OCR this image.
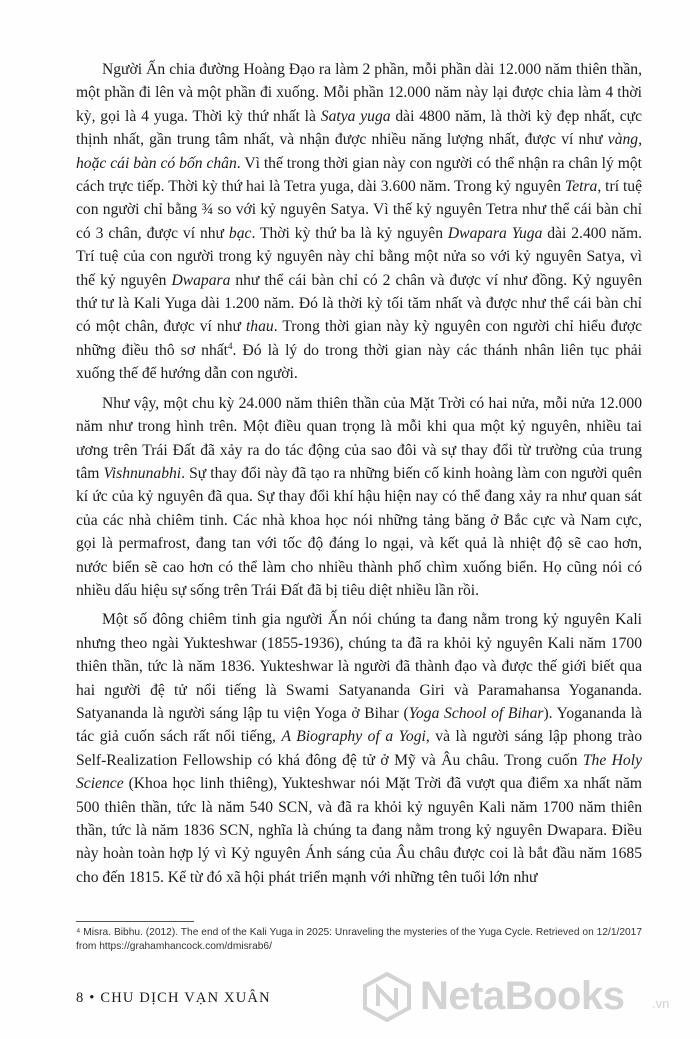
Người Ấn chia đường Hoàng Đạo ra làm 2 phần, mỗi phần dài 12.000 năm thiên thần, một phần đi lên và một phần đi xuống. Mỗi phần 12.000 năm này lại được chia làm 4 thời kỳ, gọi là 4 yuga. Thời kỳ thứ nhất là Satya yuga dài 4800 năm, là thời kỳ đẹp nhất, cực thịnh nhất, gần trung tâm nhất, và nhận được nhiều năng lượng nhất, được ví như vàng, hoặc cái bàn có bốn chân. Vì thế trong thời gian này con người có thể nhận ra chân lý một cách trực tiếp. Thời kỳ thứ hai là Tetra yuga, dài 3.600 năm. Trong kỷ nguyên Tetra, trí tuệ con người chỉ bằng ¾ so với kỷ nguyên Satya. Vì thế kỷ nguyên Tetra như thể cái bàn chỉ có 3 chân, được ví như bạc. Thời kỳ thứ ba là kỷ nguyên Dwapara Yuga dài 2.400 năm. Trí tuệ của con người trong kỷ nguyên này chỉ bằng một nửa so với kỷ nguyên Satya, vì thế kỷ nguyên Dwapara như thể cái bàn chỉ có 2 chân và được ví như đồng. Kỷ nguyên thứ tư là Kali Yuga dài 1.200 năm. Đó là thời kỳ tối tăm nhất và được như thể cái bàn chỉ có một chân, được ví như thau. Trong thời gian này kỳ nguyên con người chỉ hiểu được những điều thô sơ nhất$^4$. Đó là lý do trong thời gian này các thánh nhân liên tục phải xuống thế để hướng dẫn con người.

Như vậy, một chu kỳ 24.000 năm thiên thần của Mặt Trời có hai nửa, mỗi nửa 12.000 năm như trong hình trên. Một điều quan trọng là mỗi khi qua một kỷ nguyên, nhiều tai ương trên Trái Đất đã xảy ra do tác động của sao đôi và sự thay đổi từ trường của trung tâm Vishnunabhi. Sự thay đổi này đã tạo ra những biến cố kinh hoàng làm con người quên kí ức của kỷ nguyên đã qua. Sự thay đổi khí hậu hiện nay có thể đang xảy ra như quan sát của các nhà chiêm tinh. Các nhà khoa học nói những tảng băng ở Bắc cực và Nam cực, gọi là permafrost, đang tan với tốc độ đáng lo ngại, và kết quả là nhiệt độ sẽ cao hơn, nước biển sẽ cao hơn có thể làm cho nhiều thành phố chìm xuống biển. Họ cũng nói có nhiều dấu hiệu sự sống trên Trái Đất đã bị tiêu diệt nhiều lần rồi.

Một số đông chiêm tinh gia người Ấn nói chúng ta đang nằm trong kỷ nguyên Kali nhưng theo ngài Yukteshwar (1855-1936), chúng ta đã ra khỏi kỷ nguyên Kali năm 1700 thiên thần, tức là năm 1836. Yukteshwar là người đã thành đạo và được thế giới biết qua hai người đệ tử nổi tiếng là Swami Satyananda Giri và Paramahansa Yogananda. Satyananda là người sáng lập tu viện Yoga ở Bihar (Yoga School of Bihar). Yogananda là tác giả cuốn sách rất nổi tiếng, A Biography of a Yogi, và là người sáng lập phong trào Self-Realization Fellowship có khá đông đệ tử ở Mỹ và Âu châu. Trong cuốn The Holy Science (Khoa học linh thiêng), Yukteshwar nói Mặt Trời đã vượt qua điểm xa nhất năm 500 thiên thần, tức là năm 540 SCN, và đã ra khỏi kỷ nguyên Kali năm 1700 năm thiên thần, tức là năm 1836 SCN, nghĩa là chúng ta đang nằm trong kỷ nguyên Dwapara. Điều này hoàn toàn hợp lý vì Kỷ nguyên Ánh sáng của Âu châu được coi là bắt đầu năm 1685 cho đến 1815. Kể từ đó xã hội phát triển mạnh với những tên tuổi lớn như

⁴ Misra. Bibhu. (2012). The end of the Kali Yuga in 2025: Unraveling the mysteries of the Yuga Cycle. Retrieved on 12/1/2017 from https://grahamhancock.com/dmisrab6/
8 • CHU DỊCH VẠN XUÂN	NetaBooks .vn
